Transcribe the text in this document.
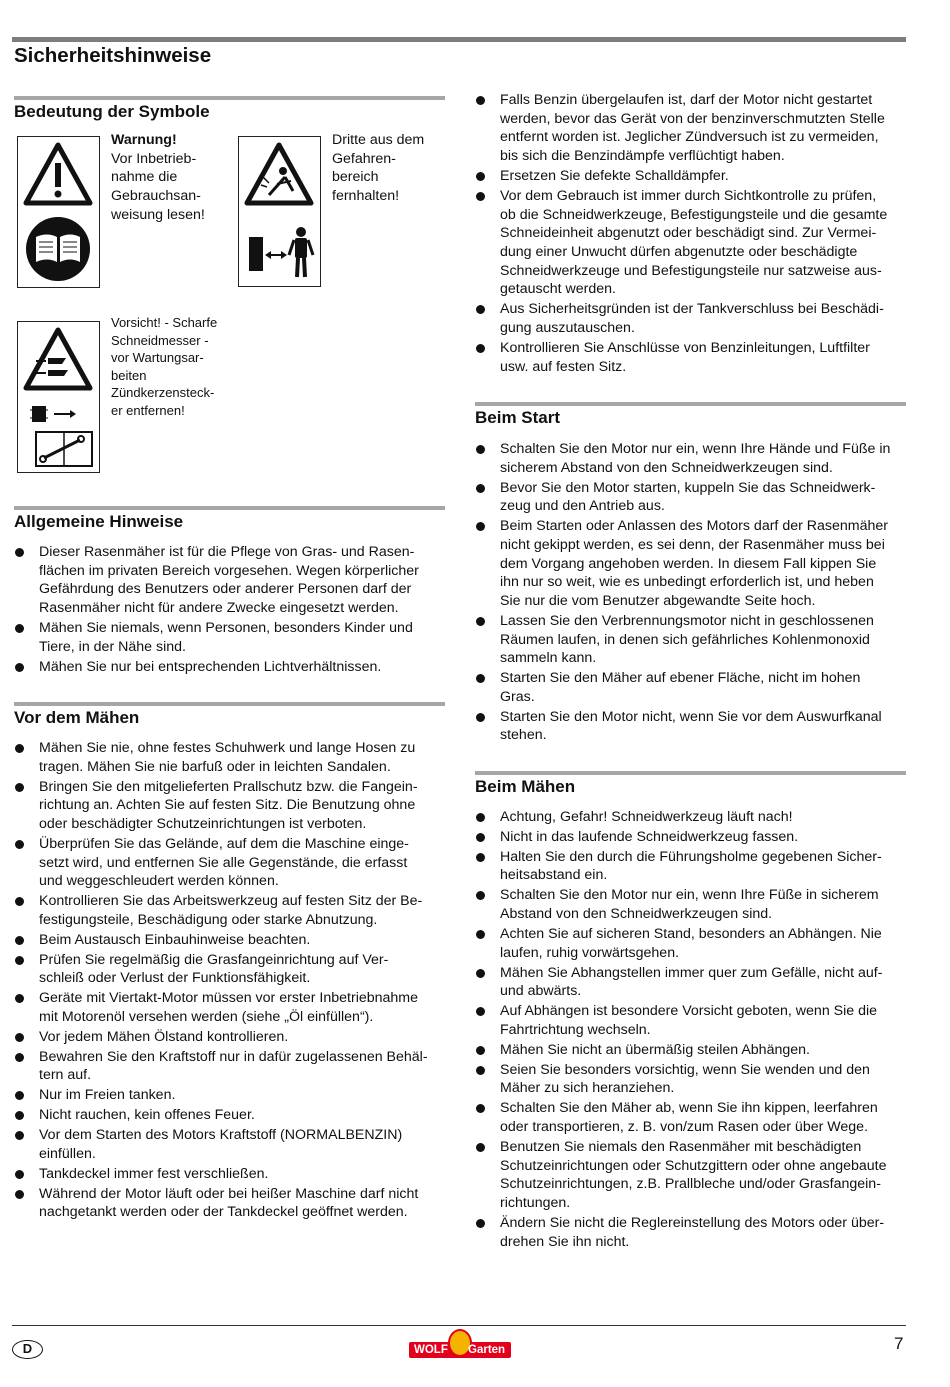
Sicherheitshinweise
Bedeutung der Symbole

Warnung!
Vor Inbetrieb-
nahme die
Gebrauchsan-
weisung lesen!

Dritte aus dem
Gefahren-
bereich
fernhalten!

Vorsicht! - Scharfe
Schneidmesser -
vor Wartungsar-
beiten
Zündkerzensteck-
er entfernen!

Allgemeine Hinweise
Dieser Rasenmäher ist für die Pflege von Gras- und Rasen-
flächen im privaten Bereich vorgesehen. Wegen körperlicher
Gefährdung des Benutzers oder anderer Personen darf der
Rasenmäher nicht für andere Zwecke eingesetzt werden.
Mähen Sie niemals, wenn Personen, besonders Kinder und
Tiere, in der Nähe sind.
Mähen Sie nur bei entsprechenden Lichtverhältnissen.
Vor dem Mähen
Mähen Sie nie, ohne festes Schuhwerk und lange Hosen zu
tragen. Mähen Sie nie barfuß oder in leichten Sandalen.
Bringen Sie den mitgelieferten Prallschutz bzw. die Fangein-
richtung an. Achten Sie auf festen Sitz. Die Benutzung ohne
oder beschädigter Schutzeinrichtungen ist verboten.
Überprüfen Sie das Gelände, auf dem die Maschine einge-
setzt wird, und entfernen Sie alle Gegenstände, die erfasst
und weggeschleudert werden können.
Kontrollieren Sie das Arbeitswerkzeug auf festen Sitz der Be-
festigungsteile, Beschädigung oder starke Abnutzung.
Beim Austausch Einbauhinweise beachten.
Prüfen Sie regelmäßig die Grasfangeinrichtung auf Ver-
schleiß oder Verlust der Funktionsfähigkeit.
Geräte mit Viertakt-Motor müssen vor erster Inbetriebnahme
mit Motorenöl versehen werden (siehe „Öl einfüllen“).
Vor jedem Mähen Ölstand kontrollieren.
Bewahren Sie den Kraftstoff nur in dafür zugelassenen Behäl-
tern auf.
Nur im Freien tanken.
Nicht rauchen, kein offenes Feuer.
Vor dem Starten des Motors Kraftstoff (NORMALBENZIN)
einfüllen.
Tankdeckel immer fest verschließen.
Während der Motor läuft oder bei heißer Maschine darf nicht
nachgetankt werden oder der Tankdeckel geöffnet werden.
Falls Benzin übergelaufen ist, darf der Motor nicht gestartet
werden, bevor das Gerät von der benzinverschmutzten Stelle
entfernt worden ist. Jeglicher Zündversuch ist zu vermeiden,
bis sich die Benzindämpfe verflüchtigt haben.
Ersetzen Sie defekte Schalldämpfer.
Vor dem Gebrauch ist immer durch Sichtkontrolle zu prüfen,
ob die Schneidwerkzeuge, Befestigungsteile und die gesamte
Schneideinheit abgenutzt oder beschädigt sind. Zur Vermei-
dung einer Unwucht dürfen abgenutzte oder beschädigte
Schneidwerkzeuge und Befestigungsteile nur satzweise aus-
getauscht werden.
Aus Sicherheitsgründen ist der Tankverschluss bei Beschädi-
gung auszutauschen.
Kontrollieren Sie Anschlüsse von Benzinleitungen, Luftfilter
usw. auf festen Sitz.
Beim Start
Schalten Sie den Motor nur ein, wenn Ihre Hände und Füße in
sicherem Abstand von den Schneidwerkzeugen sind.
Bevor Sie den Motor starten, kuppeln Sie das Schneidwerk-
zeug und den Antrieb aus.
Beim Starten oder Anlassen des Motors darf der Rasenmäher
nicht gekippt werden, es sei denn, der Rasenmäher muss bei
dem Vorgang angehoben werden. In diesem Fall kippen Sie
ihn nur so weit, wie es unbedingt erforderlich ist, und heben
Sie nur die vom Benutzer abgewandte Seite hoch.
Lassen Sie den Verbrennungsmotor nicht in geschlossenen
Räumen laufen, in denen sich gefährliches Kohlenmonoxid
sammeln kann.
Starten Sie den Mäher auf ebener Fläche, nicht im hohen
Gras.
Starten Sie den Motor nicht, wenn Sie vor dem Auswurfkanal
stehen.
Beim Mähen
Achtung, Gefahr! Schneidwerkzeug läuft nach!
Nicht in das laufende Schneidwerkzeug fassen.
Halten Sie den durch die Führungsholme gegebenen Sicher-
heitsabstand ein.
Schalten Sie den Motor nur ein, wenn Ihre Füße in sicherem
Abstand von den Schneidwerkzeugen sind.
Achten Sie auf sicheren Stand, besonders an Abhängen. Nie
laufen, ruhig vorwärtsgehen.
Mähen Sie Abhangstellen immer quer zum Gefälle, nicht auf-
und abwärts.
Auf Abhängen ist besondere Vorsicht geboten, wenn Sie die
Fahrtrichtung wechseln.
Mähen Sie nicht an übermäßig steilen Abhängen.
Seien Sie besonders vorsichtig, wenn Sie wenden und den
Mäher zu sich heranziehen.
Schalten Sie den Mäher ab, wenn Sie ihn kippen, leerfahren
oder transportieren, z. B. von/zum Rasen oder über Wege.
Benutzen Sie niemals den Rasenmäher mit beschädigten
Schutzeinrichtungen oder Schutzgittern oder ohne angebaute
Schutzeinrichtungen, z.B. Prallbleche und/oder Grasfangein-
richtungen.
Ändern Sie nicht die Reglereinstellung des Motors oder über-
drehen Sie ihn nicht.
D	WOLF Garten	7
